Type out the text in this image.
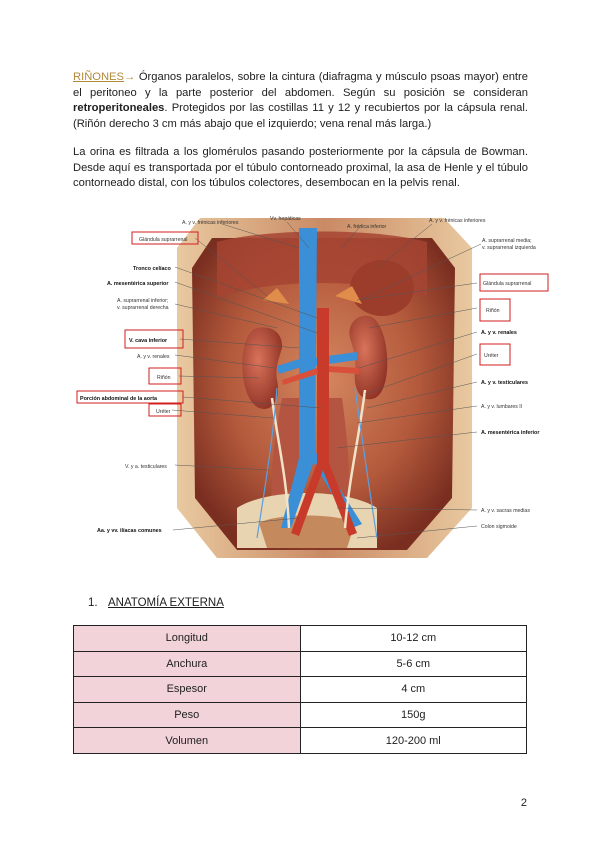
RIÑONES→ Órganos paralelos, sobre la cintura (diafragma y músculo psoas mayor) entre el peritoneo y la parte posterior del abdomen. Según su posición se consideran retroperitoneales. Protegidos por las costillas 11 y 12 y recubiertos por la cápsula renal. (Riñón derecho 3 cm más abajo que el izquierdo; vena renal más larga.)

La orina es filtrada a los glomérulos pasando posteriormente por la cápsula de Bowman. Desde aquí es transportada por el túbulo contorneado proximal, la asa de Henle y el túbulo contorneado distal, con los túbulos colectores, desembocan en la pelvis renal.

A. y v. frénicas inferiores
Glándula suprarrenal
Tronco celíaco
A. mesentérica superior
A. suprarrenal inferior;
v. suprarrenal derecha
V. cava inferior
A. y v. renales
Riñón
Porción abdominal de la aorta
Uréter
V. y a. testiculares
Aa. y vv. ilíacas comunes
Vv. hepáticas
A. frénica inferior
A. y v. frénicas inferiores
A. suprarrenal media;
v. suprarrenal izquierda
Glándula suprarrenal
Riñón
A. y v. renales
Uréter
A. y v. testiculares
A. y v. lumbares II
A. mesentérica inferior
A. y v. sacras medias
Colon sigmoide

1. ANATOMÍA EXTERNA

Longitud	10-12 cm
Anchura	5-6 cm
Espesor	4 cm
Peso	150g
Volumen	120-200 ml
2
